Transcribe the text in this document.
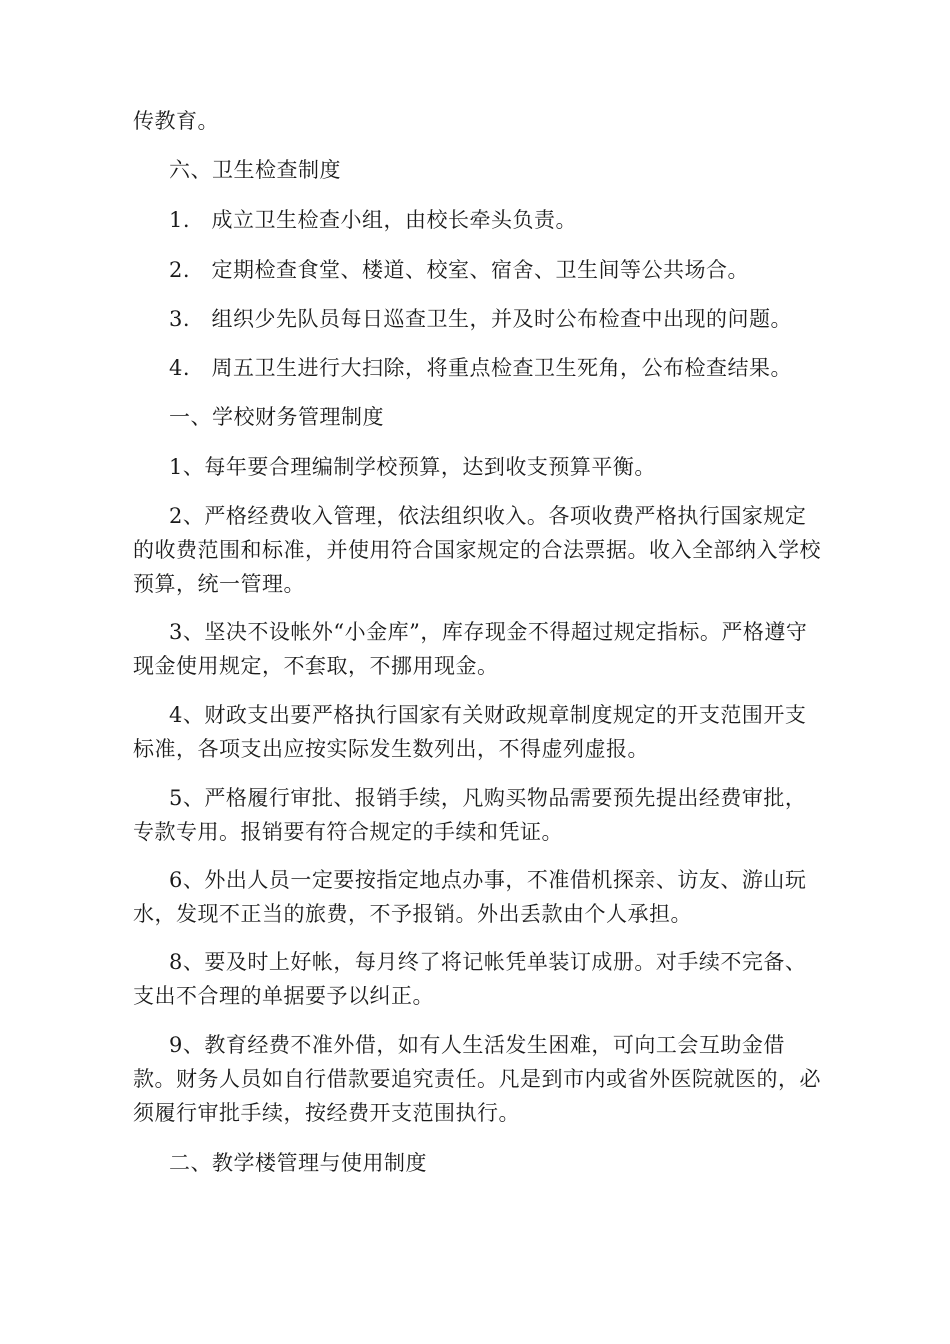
传教育。
六、卫生检查制度
1.　成立卫生检查小组，由校长牵头负责。
2.　定期检查食堂、楼道、校室、宿舍、卫生间等公共场合。
3.　组织少先队员每日巡查卫生，并及时公布检查中出现的问题。
4.　周五卫生进行大扫除，将重点检查卫生死角，公布检查结果。
一、学校财务管理制度
1、每年要合理编制学校预算，达到收支预算平衡。
2、严格经费收入管理，依法组织收入。各项收费严格执行国家规定的收费范围和标准，并使用符合国家规定的合法票据。收入全部纳入学校预算，统一管理。
3、坚决不设帐外“小金库”，库存现金不得超过规定指标。严格遵守现金使用规定，不套取，不挪用现金。
4、财政支出要严格执行国家有关财政规章制度规定的开支范围开支标准，各项支出应按实际发生数列出，不得虚列虚报。
5、严格履行审批、报销手续，凡购买物品需要预先提出经费审批，专款专用。报销要有符合规定的手续和凭证。
6、外出人员一定要按指定地点办事，不准借机探亲、访友、游山玩水，发现不正当的旅费，不予报销。外出丢款由个人承担。
8、要及时上好帐，每月终了将记帐凭单装订成册。对手续不完备、支出不合理的单据要予以纠正。
9、教育经费不准外借，如有人生活发生困难，可向工会互助金借款。财务人员如自行借款要追究责任。凡是到市内或省外医院就医的，必须履行审批手续，按经费开支范围执行。
二、教学楼管理与使用制度
